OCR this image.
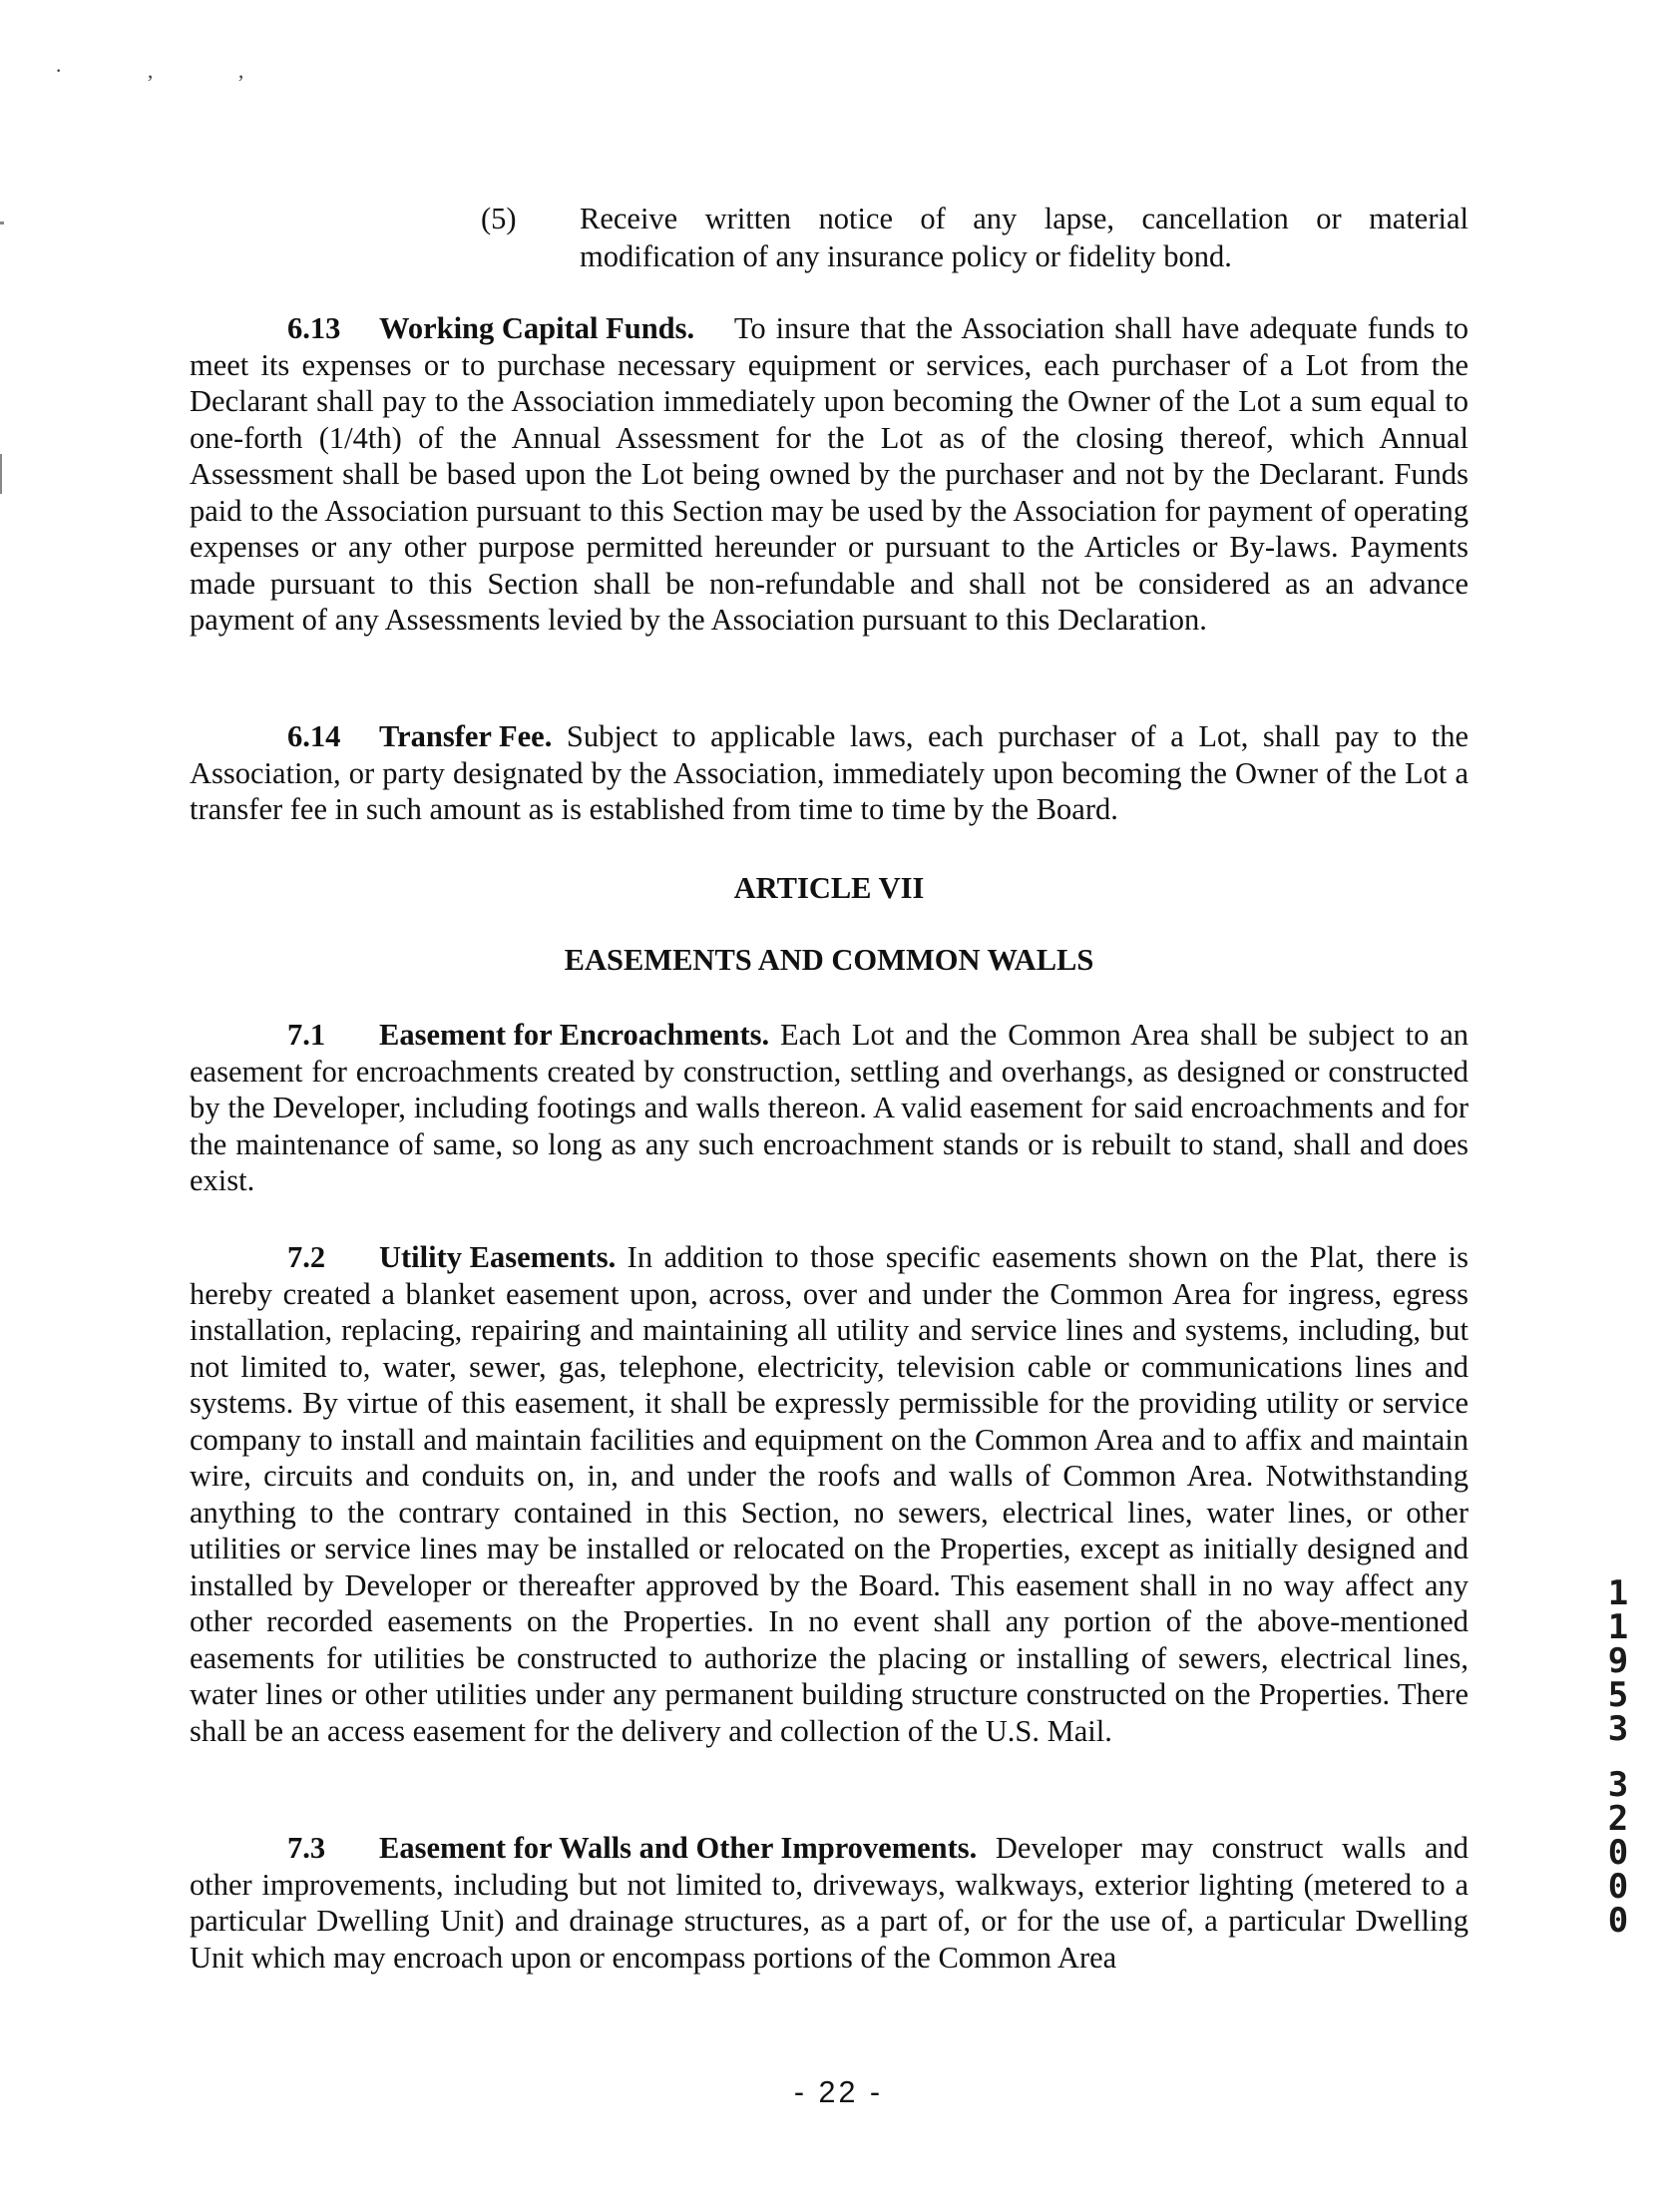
· , ,
(5) Receive written notice of any lapse, cancellation or material modification of any insurance policy or fidelity bond.
6.13 Working Capital Funds. To insure that the Association shall have adequate funds to meet its expenses or to purchase necessary equipment or services, each purchaser of a Lot from the Declarant shall pay to the Association immediately upon becoming the Owner of the Lot a sum equal to one-forth (1/4th) of the Annual Assessment for the Lot as of the closing thereof, which Annual Assessment shall be based upon the Lot being owned by the purchaser and not by the Declarant. Funds paid to the Association pursuant to this Section may be used by the Association for payment of operating expenses or any other purpose permitted hereunder or pursuant to the Articles or By-laws. Payments made pursuant to this Section shall be non-refundable and shall not be considered as an advance payment of any Assessments levied by the Association pursuant to this Declaration.
6.14 Transfer Fee. Subject to applicable laws, each purchaser of a Lot, shall pay to the Association, or party designated by the Association, immediately upon becoming the Owner of the Lot a transfer fee in such amount as is established from time to time by the Board.
ARTICLE VII
EASEMENTS AND COMMON WALLS
7.1 Easement for Encroachments. Each Lot and the Common Area shall be subject to an easement for encroachments created by construction, settling and overhangs, as designed or constructed by the Developer, including footings and walls thereon. A valid easement for said encroachments and for the maintenance of same, so long as any such encroachment stands or is rebuilt to stand, shall and does exist.
7.2 Utility Easements. In addition to those specific easements shown on the Plat, there is hereby created a blanket easement upon, across, over and under the Common Area for ingress, egress installation, replacing, repairing and maintaining all utility and service lines and systems, including, but not limited to, water, sewer, gas, telephone, electricity, television cable or communications lines and systems. By virtue of this easement, it shall be expressly permissible for the providing utility or service company to install and maintain facilities and equipment on the Common Area and to affix and maintain wire, circuits and conduits on, in, and under the roofs and walls of Common Area. Notwithstanding anything to the contrary contained in this Section, no sewers, electrical lines, water lines, or other utilities or service lines may be installed or relocated on the Properties, except as initially designed and installed by Developer or thereafter approved by the Board. This easement shall in no way affect any other recorded easements on the Properties. In no event shall any portion of the above-mentioned easements for utilities be constructed to authorize the placing or installing of sewers, electrical lines, water lines or other utilities under any permanent building structure constructed on the Properties. There shall be an access easement for the delivery and collection of the U.S. Mail.
7.3 Easement for Walls and Other Improvements. Developer may construct walls and other improvements, including but not limited to, driveways, walkways, exterior lighting (metered to a particular Dwelling Unit) and drainage structures, as a part of, or for the use of, a particular Dwelling Unit which may encroach upon or encompass portions of the Common Area
- 22 -
1
1
9
5
3
3
2
0
0
0
